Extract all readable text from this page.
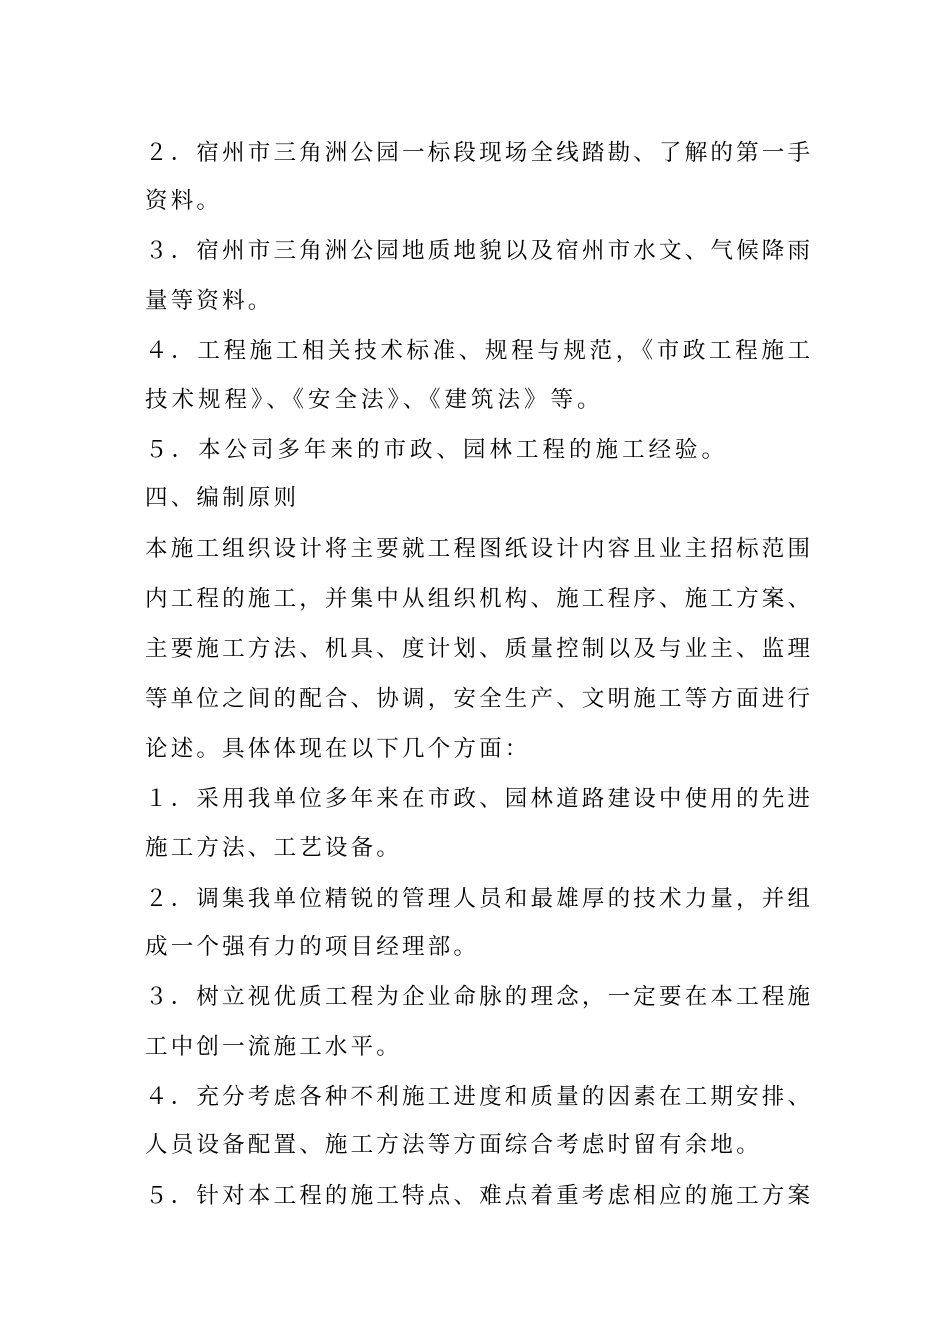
２．宿州市三角洲公园一标段现场全线踏勘、了解的第一手
资料。
３．宿州市三角洲公园地质地貌以及宿州市水文、气候降雨
量等资料。
４．工程施工相关技术标准、规程与规范，《市政工程施工
技术规程》、《安全法》、《建筑法》等。
５．本公司多年来的市政、园林工程的施工经验。
四、编制原则
本施工组织设计将主要就工程图纸设计内容且业主招标范围
内工程的施工，并集中从组织机构、施工程序、施工方案、
主要施工方法、机具、度计划、质量控制以及与业主、监理
等单位之间的配合、协调，安全生产、文明施工等方面进行
论述。具体体现在以下几个方面：
１．采用我单位多年来在市政、园林道路建设中使用的先进
施工方法、工艺设备。
２．调集我单位精锐的管理人员和最雄厚的技术力量，并组
成一个强有力的项目经理部。
３．树立视优质工程为企业命脉的理念，一定要在本工程施
工中创一流施工水平。
４．充分考虑各种不利施工进度和质量的因素在工期安排、
人员设备配置、施工方法等方面综合考虑时留有余地。
５．针对本工程的施工特点、难点着重考虑相应的施工方案
